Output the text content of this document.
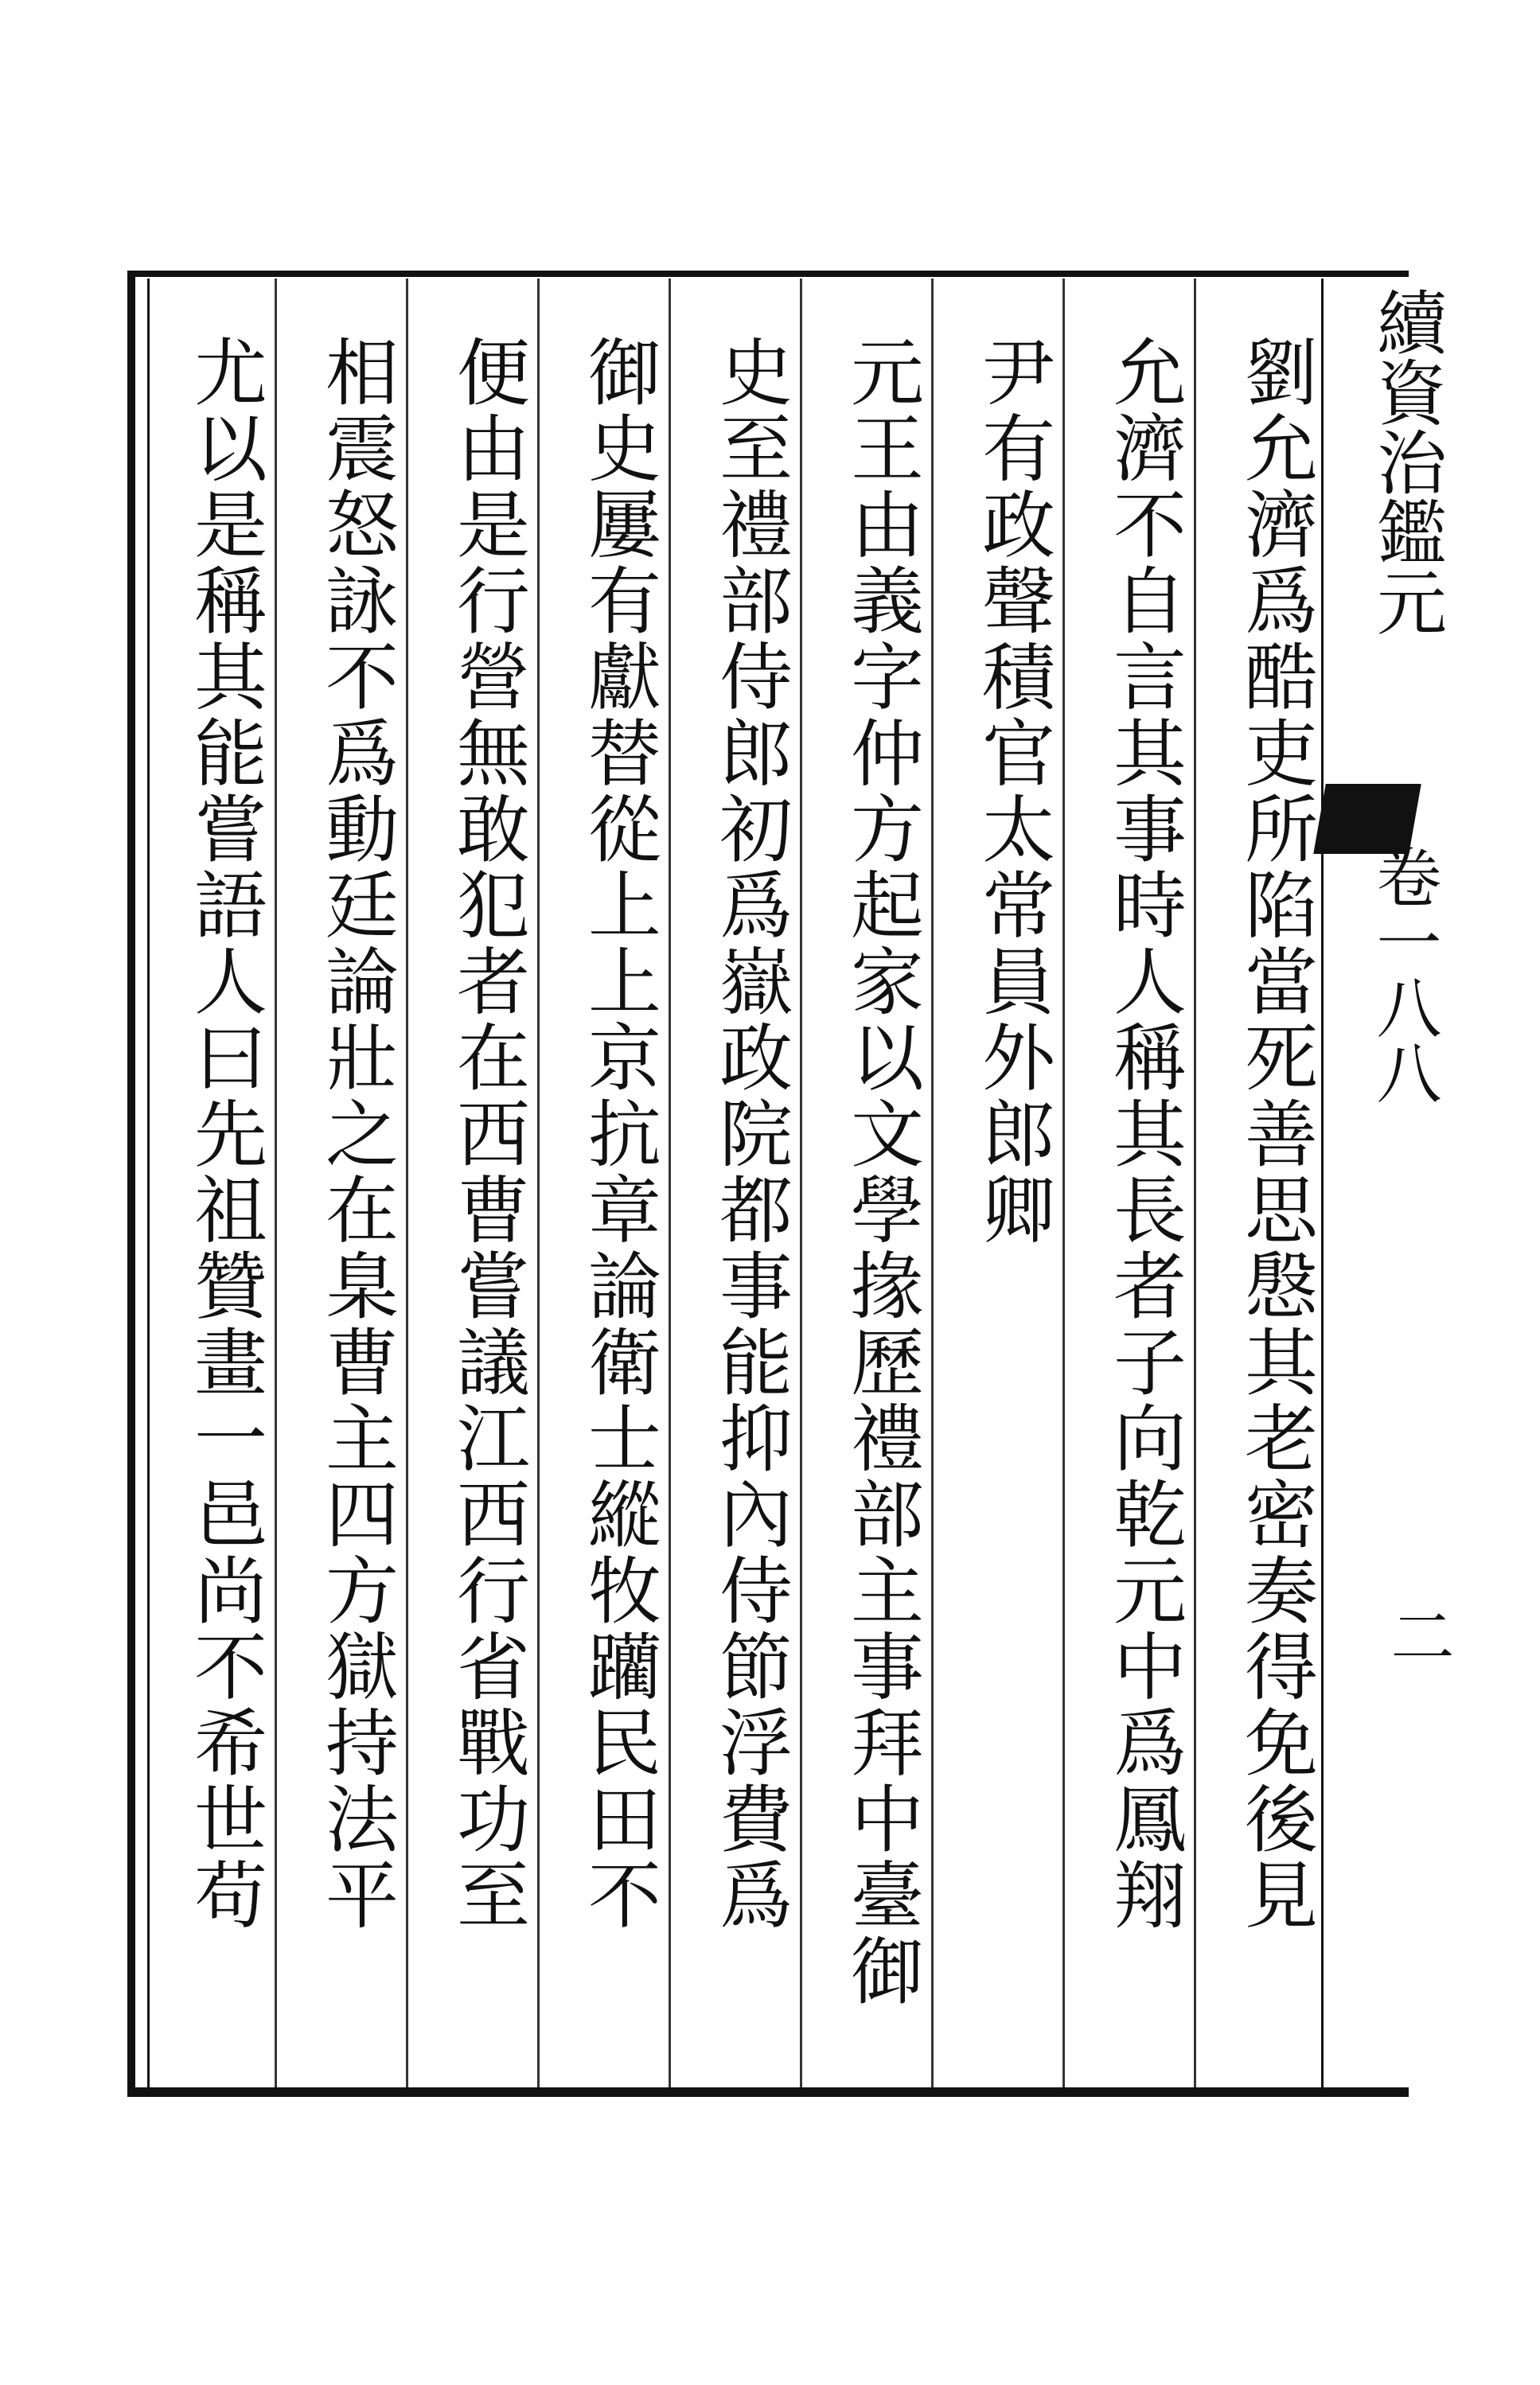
續資治鑑元
卷一八八
二
劉允濟爲酷吏所陷當死善思慇其老密奏得免後見
允濟不自言其事時人稱其長者子向乾元中爲鳳翔
尹有政聲積官太常員外郎卿
元王由義字仲方起家以文學掾歷禮部主事拜中臺御
史至禮部侍郎初爲嶽政院都事能抑內侍節浮費爲
御史屢有獻替從上上京抗章論衛士縱牧躪民田不
便由是行營無敢犯者在西曹嘗議江西行省戰功至
相震怒詠不爲動廷論壯之在臬曹主四方獄持法平
尤以是稱其能嘗語人曰先祖贊畫一邑尚不希世苟
